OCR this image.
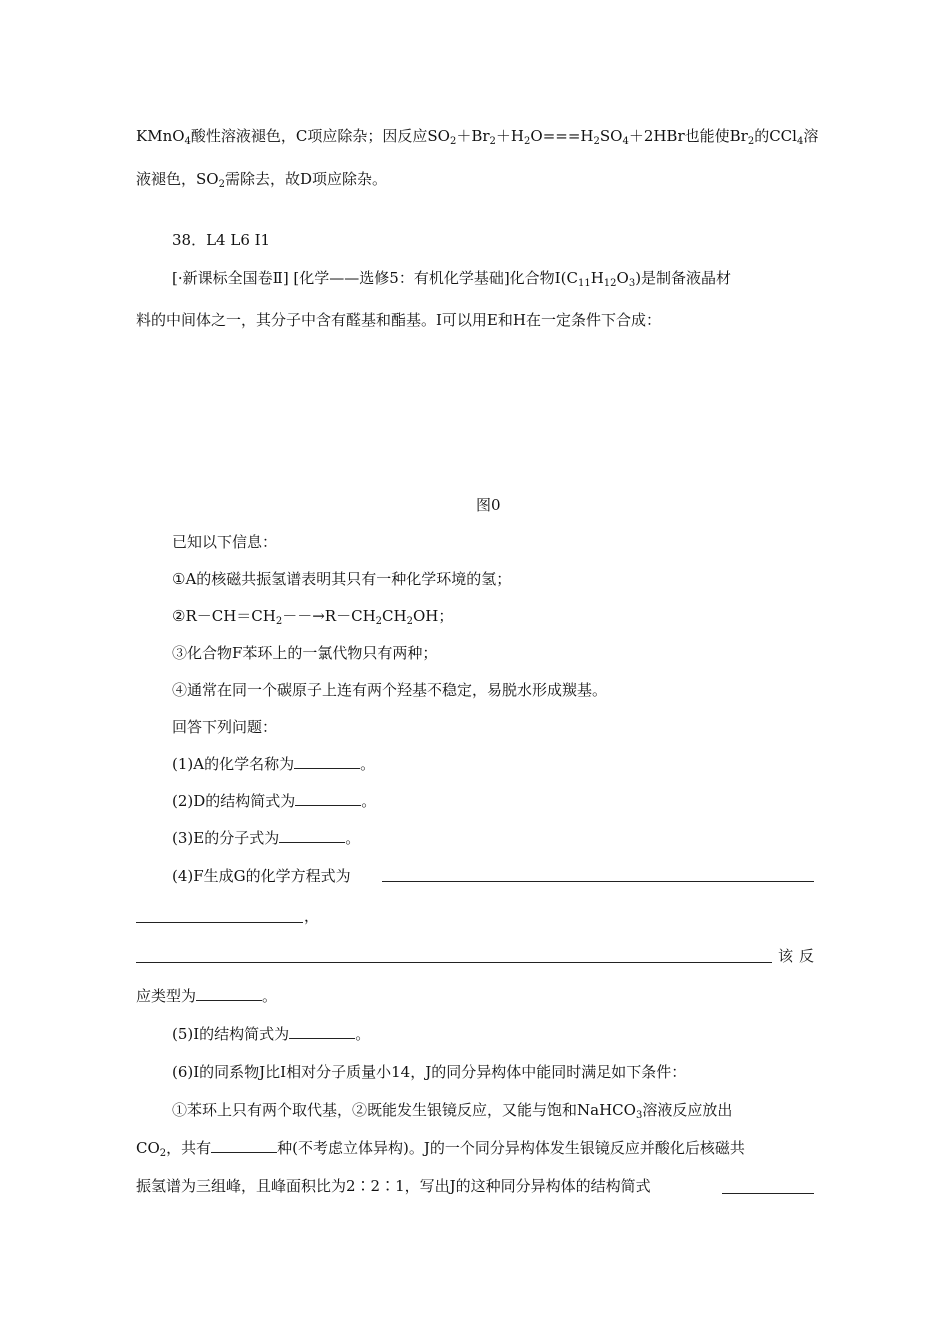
KMnO$_4$酸性溶液褪色，C项应除杂；因反应$SO_2+Br_2+H_2O===H_2SO_4+2HBr$也能使$Br_2$的CCl$_4$溶
液褪色，$SO_2$需除去，故D项应除杂。
38．L4 L6 I1
[·新课标全国卷Ⅱ] [化学——选修5：有机化学基础]化合物$I(C_{11}H_{12}O_3)$是制备液晶材
料的中间体之一，其分子中含有醛基和酯基。I可以用E和H在一定条件下合成：
图0
已知以下信息：
①A的核磁共振氢谱表明其只有一种化学环境的氢；
$②R-CH=CH_2--\to R-CH_2CH_2OH$；
③化合物F苯环上的一氯代物只有两种；
④通常在同一个碳原子上连有两个羟基不稳定，易脱水形成羰基。
回答下列问题：
(1)A的化学名称为	。
(2)D的结构简式为	。
(3)E的分子式为	。
(4)F生成G的化学方程式为
，
该反
应类型为	。
(5)I的结构简式为	。
(6)I的同系物J比I相对分子质量小14，J的同分异构体中能同时满足如下条件：
①苯环上只有两个取代基，②既能发生银镜反应，又能与饱和NaHCO$_3$溶液反应放出
$CO_2$，共有	种(不考虑立体异构)。J的一个同分异构体发生银镜反应并酸化后核磁共
振氢谱为三组峰，且峰面积比为2∶2∶1，写出J的这种同分异构体的结构简式
